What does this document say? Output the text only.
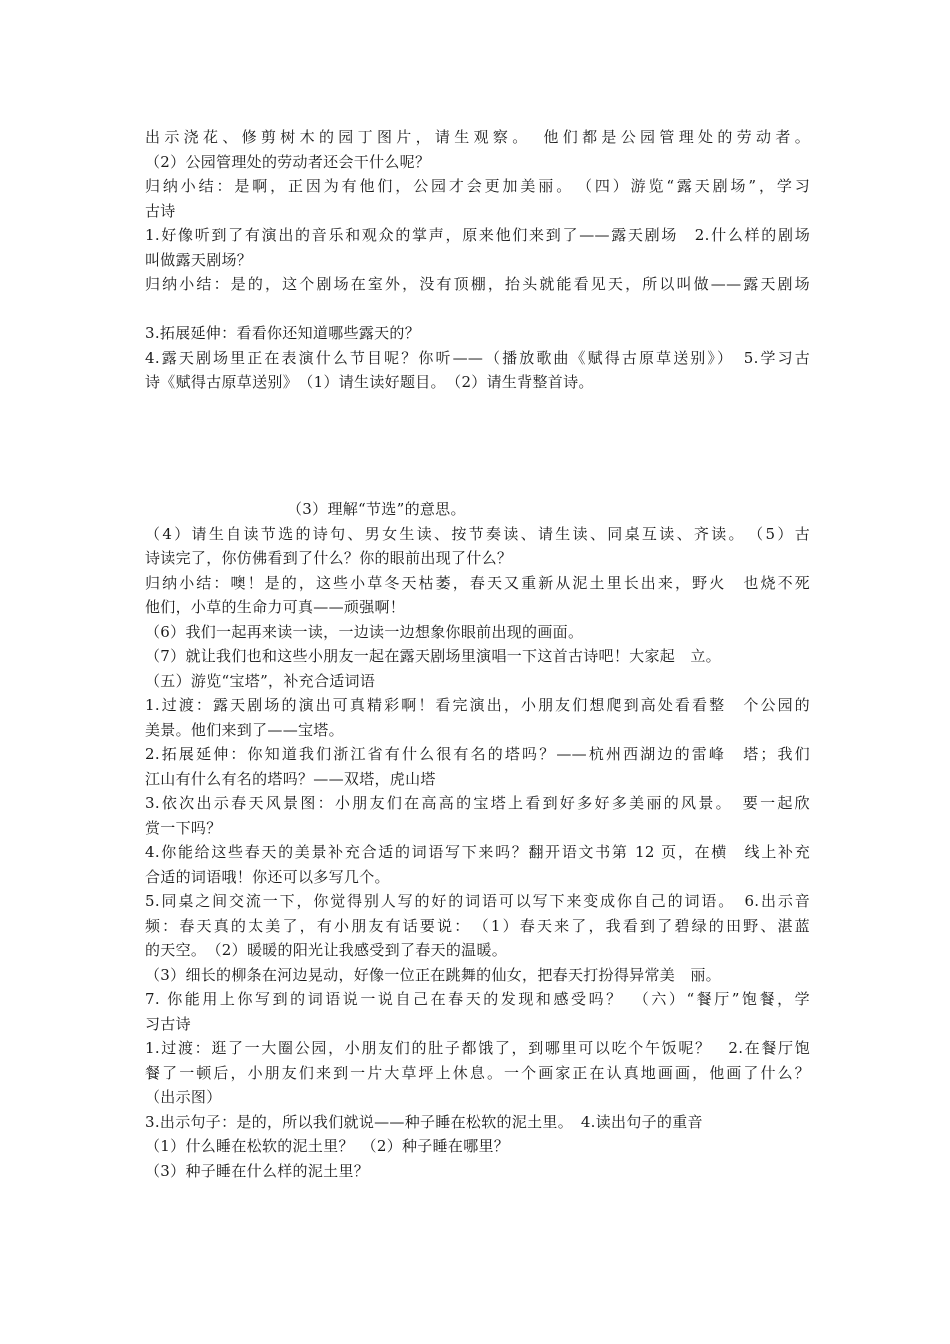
出示浇花、修剪树木的园丁图片，请生观察。　他们都是公园管理处的劳动者。
（2）公园管理处的劳动者还会干什么呢？
归纳小结：是啊，正因为有他们，公园才会更加美丽。　（四）游览“露天剧场”，学习
古诗
1.好像听到了有演出的音乐和观众的掌声，原来他们来到了——露天剧场　2.什么样的剧场
叫做露天剧场？
归纳小结：是的，这个剧场在室外，没有顶棚，抬头就能看见天，所以叫做——露天剧场
3.拓展延伸：看看你还知道哪些露天的？
4.露天剧场里正在表演什么节目呢？你听——（播放歌曲《赋得古原草送别》）　5.学习古
诗《赋得古原草送别》　（1）请生读好题目。　（2）请生背整首诗。
（3）理解“节选”的意思。
（4）请生自读节选的诗句、男女生读、按节奏读、请生读、同桌互读、齐读。　（5）古
诗读完了，你仿佛看到了什么？你的眼前出现了什么？
归纳小结：噢！是的，这些小草冬天枯萎，春天又重新从泥土里长出来，野火　也烧不死
他们，小草的生命力可真——顽强啊！
（6）我们一起再来读一读，一边读一边想象你眼前出现的画面。
（7）就让我们也和这些小朋友一起在露天剧场里演唱一下这首古诗吧！大家起　立。
（五）游览“宝塔”，补充合适词语
1.过渡：露天剧场的演出可真精彩啊！看完演出，小朋友们想爬到高处看看整　个公园的
美景。他们来到了——宝塔。
2.拓展延伸：你知道我们浙江省有什么很有名的塔吗？——杭州西湖边的雷峰　塔；我们
江山有什么有名的塔吗？——双塔，虎山塔
3.依次出示春天风景图：小朋友们在高高的宝塔上看到好多好多美丽的风景。　要一起欣
赏一下吗？
4.你能给这些春天的美景补充合适的词语写下来吗？翻开语文书第 12 页，在横　线上补充
合适的词语哦！你还可以多写几个。
5.同桌之间交流一下，你觉得别人写的好的词语可以写下来变成你自己的词语。　6.出示音
频：春天真的太美了，有小朋友有话要说：　（1）春天来了，我看到了碧绿的田野、湛蓝
的天空。　（2）暖暖的阳光让我感受到了春天的温暖。
（3）细长的柳条在河边晃动，好像一位正在跳舞的仙女，把春天打扮得异常美　丽。
7. 你能用上你写到的词语说一说自己在春天的发现和感受吗？　（六）“餐厅”饱餐，学
习古诗
1.过渡：逛了一大圈公园，小朋友们的肚子都饿了，到哪里可以吃个午饭呢？　2.在餐厅饱
餐了一顿后，小朋友们来到一片大草坪上休息。一个画家正在认真地画画，他画了什么？
（出示图）
3.出示句子：是的，所以我们就说——种子睡在松软的泥土里。　4.读出句子的重音
（1）什么睡在松软的泥土里？　（2）种子睡在哪里？
（3）种子睡在什么样的泥土里？
